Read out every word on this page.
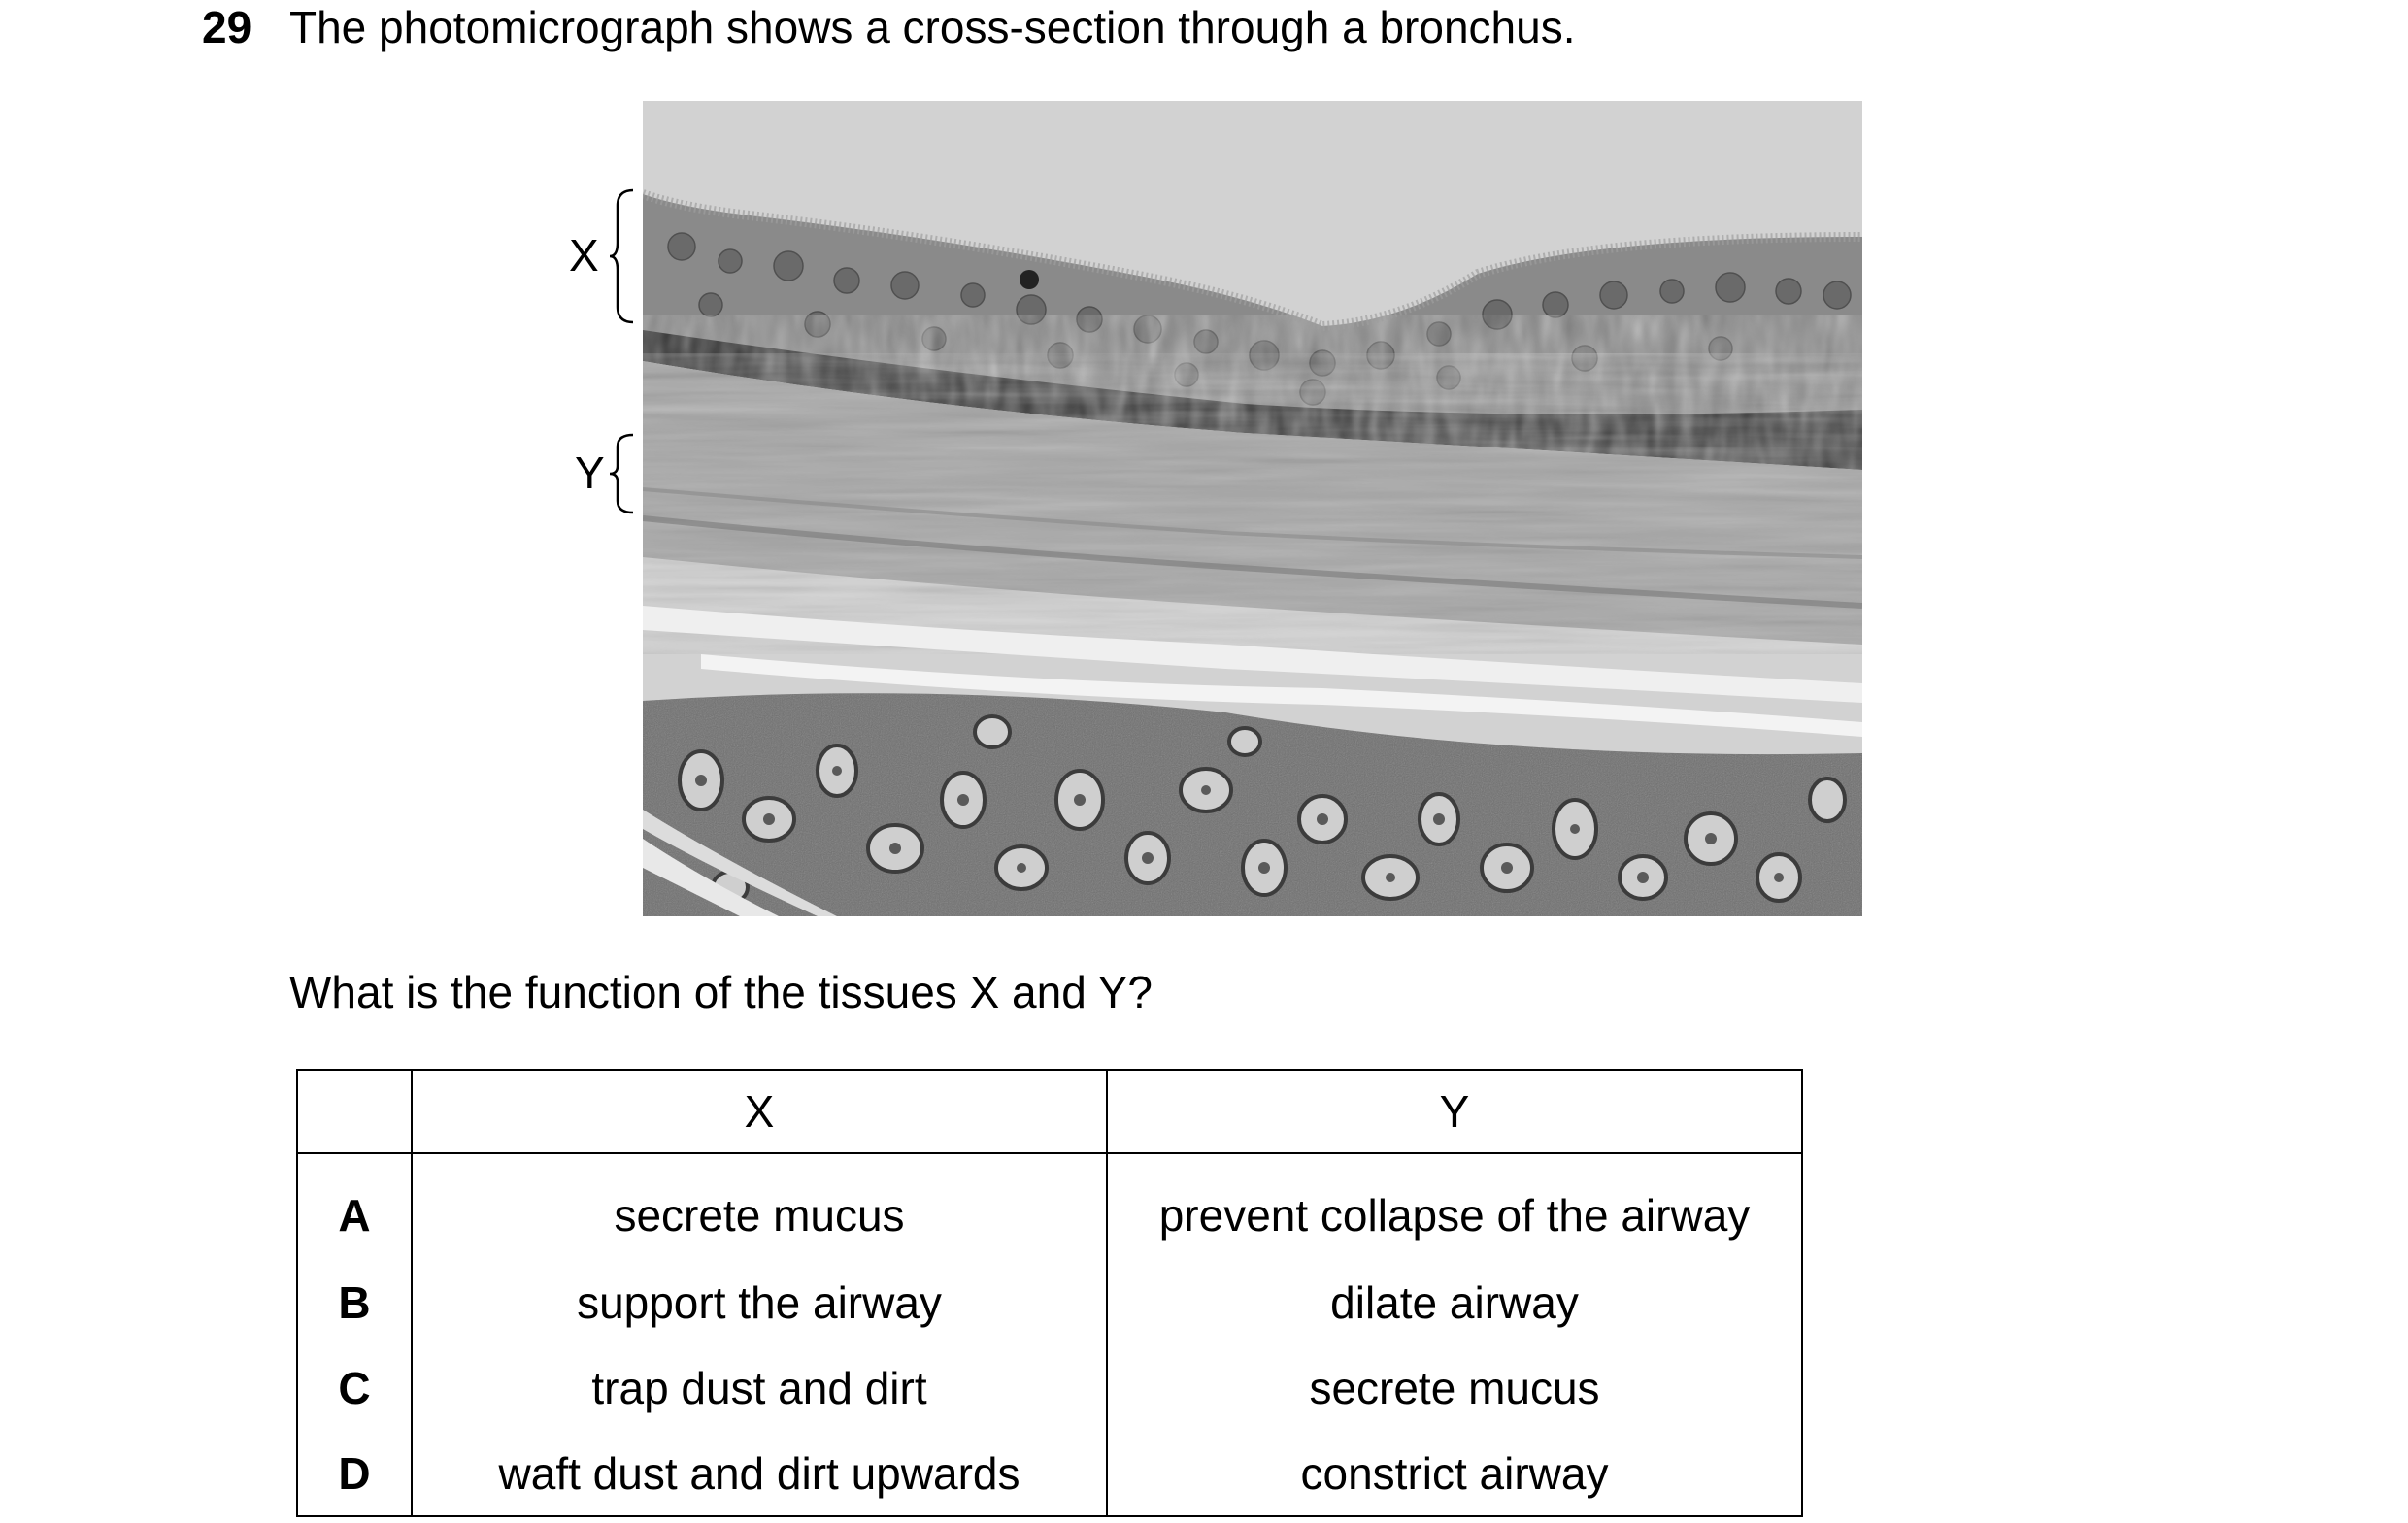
29 The photomicrograph shows a cross-section through a bronchus.
X
Y
What is the function of the tissues X and Y?
	X	Y
A	secrete mucus	prevent collapse of the airway
B	support the airway	dilate airway
C	trap dust and dirt	secrete mucus
D	waft dust and dirt upwards	constrict airway
